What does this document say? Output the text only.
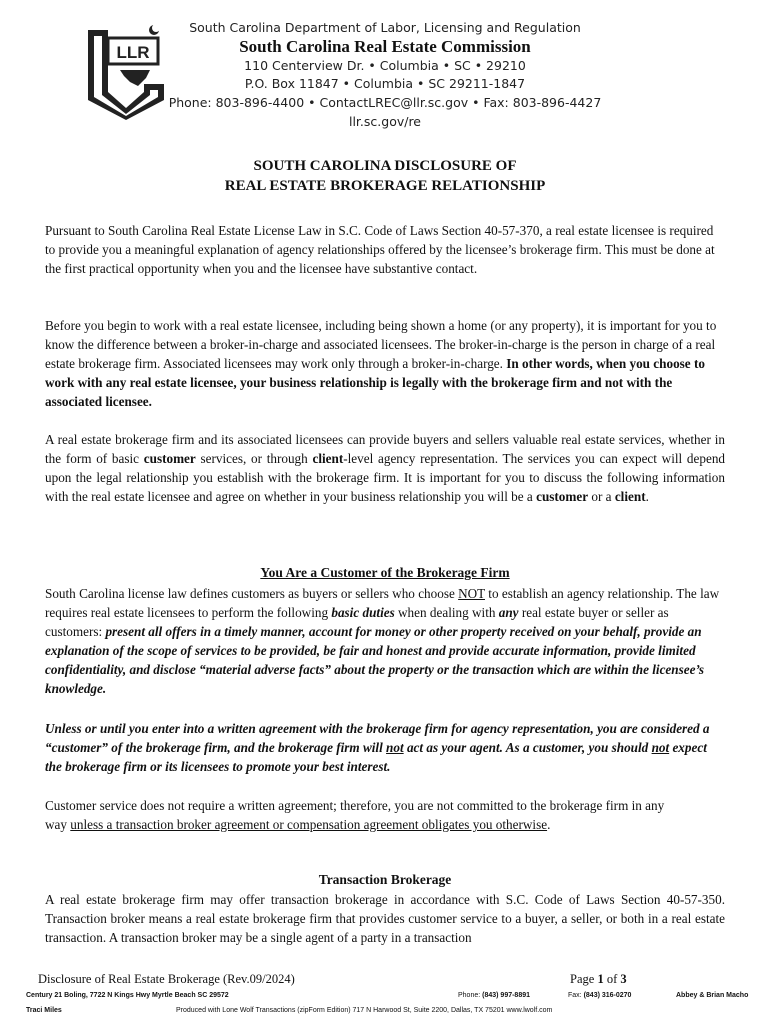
LLR
South Carolina Department of Labor, Licensing and Regulation
South Carolina Real Estate Commission
110 Centerview Dr. • Columbia • SC • 29210
P.O. Box 11847 • Columbia • SC 29211-1847
Phone: 803-896-4400 • ContactLREC@llr.sc.gov • Fax: 803-896-4427
llr.sc.gov/re
SOUTH CAROLINA DISCLOSURE OF
REAL ESTATE BROKERAGE RELATIONSHIP
Pursuant to South Carolina Real Estate License Law in S.C. Code of Laws Section 40-57-370, a real estate licensee is required to provide you a meaningful explanation of agency relationships offered by the licensee’s brokerage firm. This must be done at the first practical opportunity when you and the licensee have substantive contact.
Before you begin to work with a real estate licensee, including being shown a home (or any property), it is important for you to know the difference between a broker-in-charge and associated licensees. The broker-in-charge is the person in charge of a real estate brokerage firm. Associated licensees may work only through a broker-in-charge. In other words, when you choose to work with any real estate licensee, your business relationship is legally with the brokerage firm and not with the associated licensee.
A real estate brokerage firm and its associated licensees can provide buyers and sellers valuable real estate services, whether in the form of basic customer services, or through client-level agency representation. The services you can expect will depend upon the legal relationship you establish with the brokerage firm. It is important for you to discuss the following information with the real estate licensee and agree on whether in your business relationship you will be a customer or a client.
You Are a Customer of the Brokerage Firm
South Carolina license law defines customers as buyers or sellers who choose NOT to establish an agency relationship. The law requires real estate licensees to perform the following basic duties when dealing with any real estate buyer or seller as customers: present all offers in a timely manner, account for money or other property received on your behalf, provide an explanation of the scope of services to be provided, be fair and honest and provide accurate information, provide limited confidentiality, and disclose “material adverse facts” about the property or the transaction which are within the licensee’s knowledge.
Unless or until you enter into a written agreement with the brokerage firm for agency representation, you are considered a “customer” of the brokerage firm, and the brokerage firm will not act as your agent. As a customer, you should not expect the brokerage firm or its licensees to promote your best interest.
Customer service does not require a written agreement; therefore, you are not committed to the brokerage firm in any way unless a transaction broker agreement or compensation agreement obligates you otherwise.
Transaction Brokerage
A real estate brokerage firm may offer transaction brokerage in accordance with S.C. Code of Laws Section 40-57-350. Transaction broker means a real estate brokerage firm that provides customer service to a buyer, a seller, or both in a real estate transaction. A transaction broker may be a single agent of a party in a transaction
Disclosure of Real Estate Brokerage (Rev.09/2024)	Page 1 of 3
Century 21 Boling, 7722 N Kings Hwy Myrtle Beach SC 29572	Phone: (843) 997-8891	Fax: (843) 316-0270	Abbey & Brian Macho
Traci Miles	Produced with Lone Wolf Transactions (zipForm Edition) 717 N Harwood St, Suite 2200, Dallas, TX 75201 www.lwolf.com
